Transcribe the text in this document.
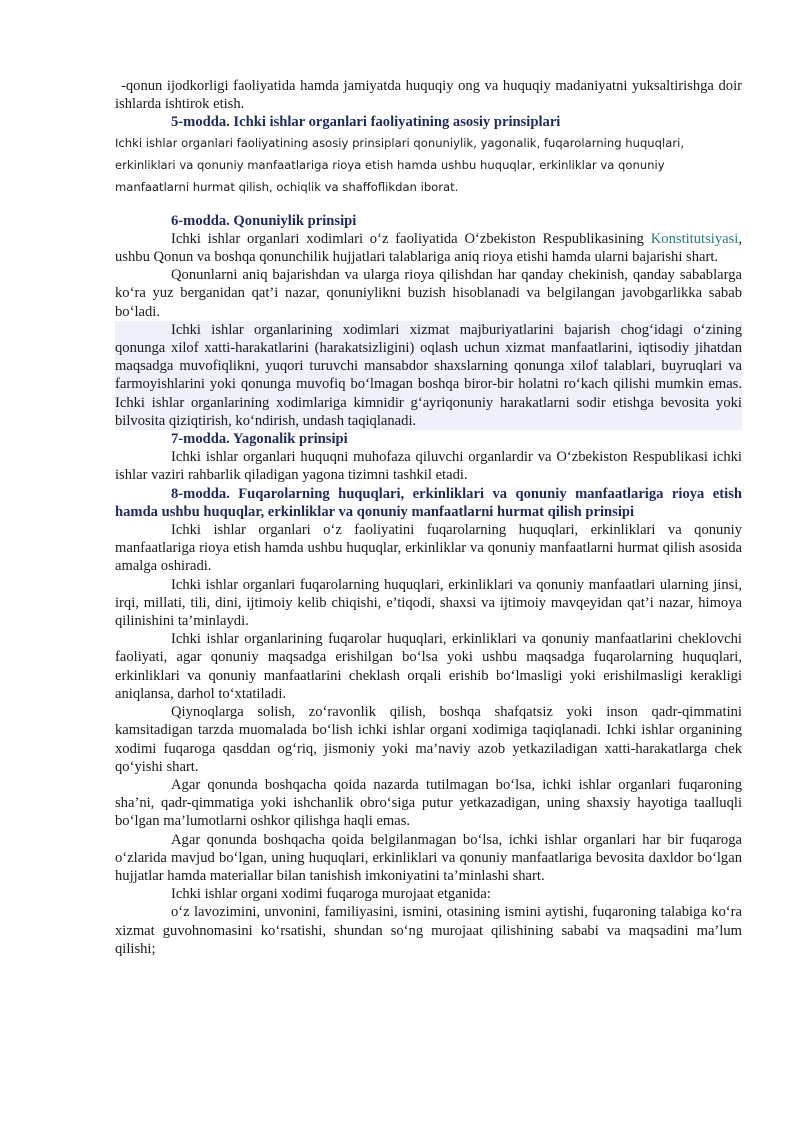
-qonun ijodkorligi faoliyatida hamda jamiyatda huquqiy ong va huquqiy madaniyatni yuksaltirishga doir ishlarda ishtirok etish.

5-modda. Ichki ishlar organlari faoliyatining asosiy prinsiplari

Ichki ishlar organlari faoliyatining asosiy prinsiplari qonuniylik, yagonalik, fuqarolarning huquqlari, erkinliklari va qonuniy manfaatlariga rioya etish hamda ushbu huquqlar, erkinliklar va qonuniy manfaatlarni hurmat qilish, ochiqlik va shaffoflikdan iborat.

6-modda. Qonuniylik prinsipi

Ichki ishlar organlari xodimlari o‘z faoliyatida O‘zbekiston Respublikasining Konstitutsiyasi, ushbu Qonun va boshqa qonunchilik hujjatlari talablariga aniq rioya etishi hamda ularni bajarishi shart.

Qonunlarni aniq bajarishdan va ularga rioya qilishdan har qanday chekinish, qanday sabablarga ko‘ra yuz berganidan qat’i nazar, qonuniylikni buzish hisoblanadi va belgilangan javobgarlikka sabab bo‘ladi.

Ichki ishlar organlarining xodimlari xizmat majburiyatlarini bajarish chog‘idagi o‘zining qonunga xilof xatti-harakatlarini (harakatsizligini) oqlash uchun xizmat manfaatlarini, iqtisodiy jihatdan maqsadga muvofiqlikni, yuqori turuvchi mansabdor shaxslarning qonunga xilof talablari, buyruqlari va farmoyishlarini yoki qonunga muvofiq bo‘lmagan boshqa biror-bir holatni ro‘kach qilishi mumkin emas. Ichki ishlar organlarining xodimlariga kimnidir g‘ayriqonuniy harakatlarni sodir etishga bevosita yoki bilvosita qiziqtirish, ko‘ndirish, undash taqiqlanadi.

7-modda. Yagonalik prinsipi

Ichki ishlar organlari huquqni muhofaza qiluvchi organlardir va O‘zbekiston Respublikasi ichki ishlar vaziri rahbarlik qiladigan yagona tizimni tashkil etadi.

8-modda. Fuqarolarning huquqlari, erkinliklari va qonuniy manfaatlariga rioya etish hamda ushbu huquqlar, erkinliklar va qonuniy manfaatlarni hurmat qilish prinsipi

Ichki ishlar organlari o‘z faoliyatini fuqarolarning huquqlari, erkinliklari va qonuniy manfaatlariga rioya etish hamda ushbu huquqlar, erkinliklar va qonuniy manfaatlarni hurmat qilish asosida amalga oshiradi.

Ichki ishlar organlari fuqarolarning huquqlari, erkinliklari va qonuniy manfaatlari ularning jinsi, irqi, millati, tili, dini, ijtimoiy kelib chiqishi, e’tiqodi, shaxsi va ijtimoiy mavqeyidan qat’i nazar, himoya qilinishini ta’minlaydi.

Ichki ishlar organlarining fuqarolar huquqlari, erkinliklari va qonuniy manfaatlarini cheklovchi faoliyati, agar qonuniy maqsadga erishilgan bo‘lsa yoki ushbu maqsadga fuqarolarning huquqlari, erkinliklari va qonuniy manfaatlarini cheklash orqali erishib bo‘lmasligi yoki erishilmasligi kerakligi aniqlansa, darhol to‘xtatiladi.

Qiynoqlarga solish, zo‘ravonlik qilish, boshqa shafqatsiz yoki inson qadr-qimmatini kamsitadigan tarzda muomalada bo‘lish ichki ishlar organi xodimiga taqiqlanadi. Ichki ishlar organining xodimi fuqaroga qasddan og‘riq, jismoniy yoki ma’naviy azob yetkaziladigan xatti-harakatlarga chek qo‘yishi shart.

Agar qonunda boshqacha qoida nazarda tutilmagan bo‘lsa, ichki ishlar organlari fuqaroning sha’ni, qadr-qimmatiga yoki ishchanlik obro‘siga putur yetkazadigan, uning shaxsiy hayotiga taalluqli bo‘lgan ma’lumotlarni oshkor qilishga haqli emas.

Agar qonunda boshqacha qoida belgilanmagan bo‘lsa, ichki ishlar organlari har bir fuqaroga o‘zlarida mavjud bo‘lgan, uning huquqlari, erkinliklari va qonuniy manfaatlariga bevosita daxldor bo‘lgan hujjatlar hamda materiallar bilan tanishish imkoniyatini ta’minlashi shart.

Ichki ishlar organi xodimi fuqaroga murojaat etganida:

o‘z lavozimini, unvonini, familiyasini, ismini, otasining ismini aytishi, fuqaroning talabiga ko‘ra xizmat guvohnomasini ko‘rsatishi, shundan so‘ng murojaat qilishining sababi va maqsadini ma’lum qilishi;
